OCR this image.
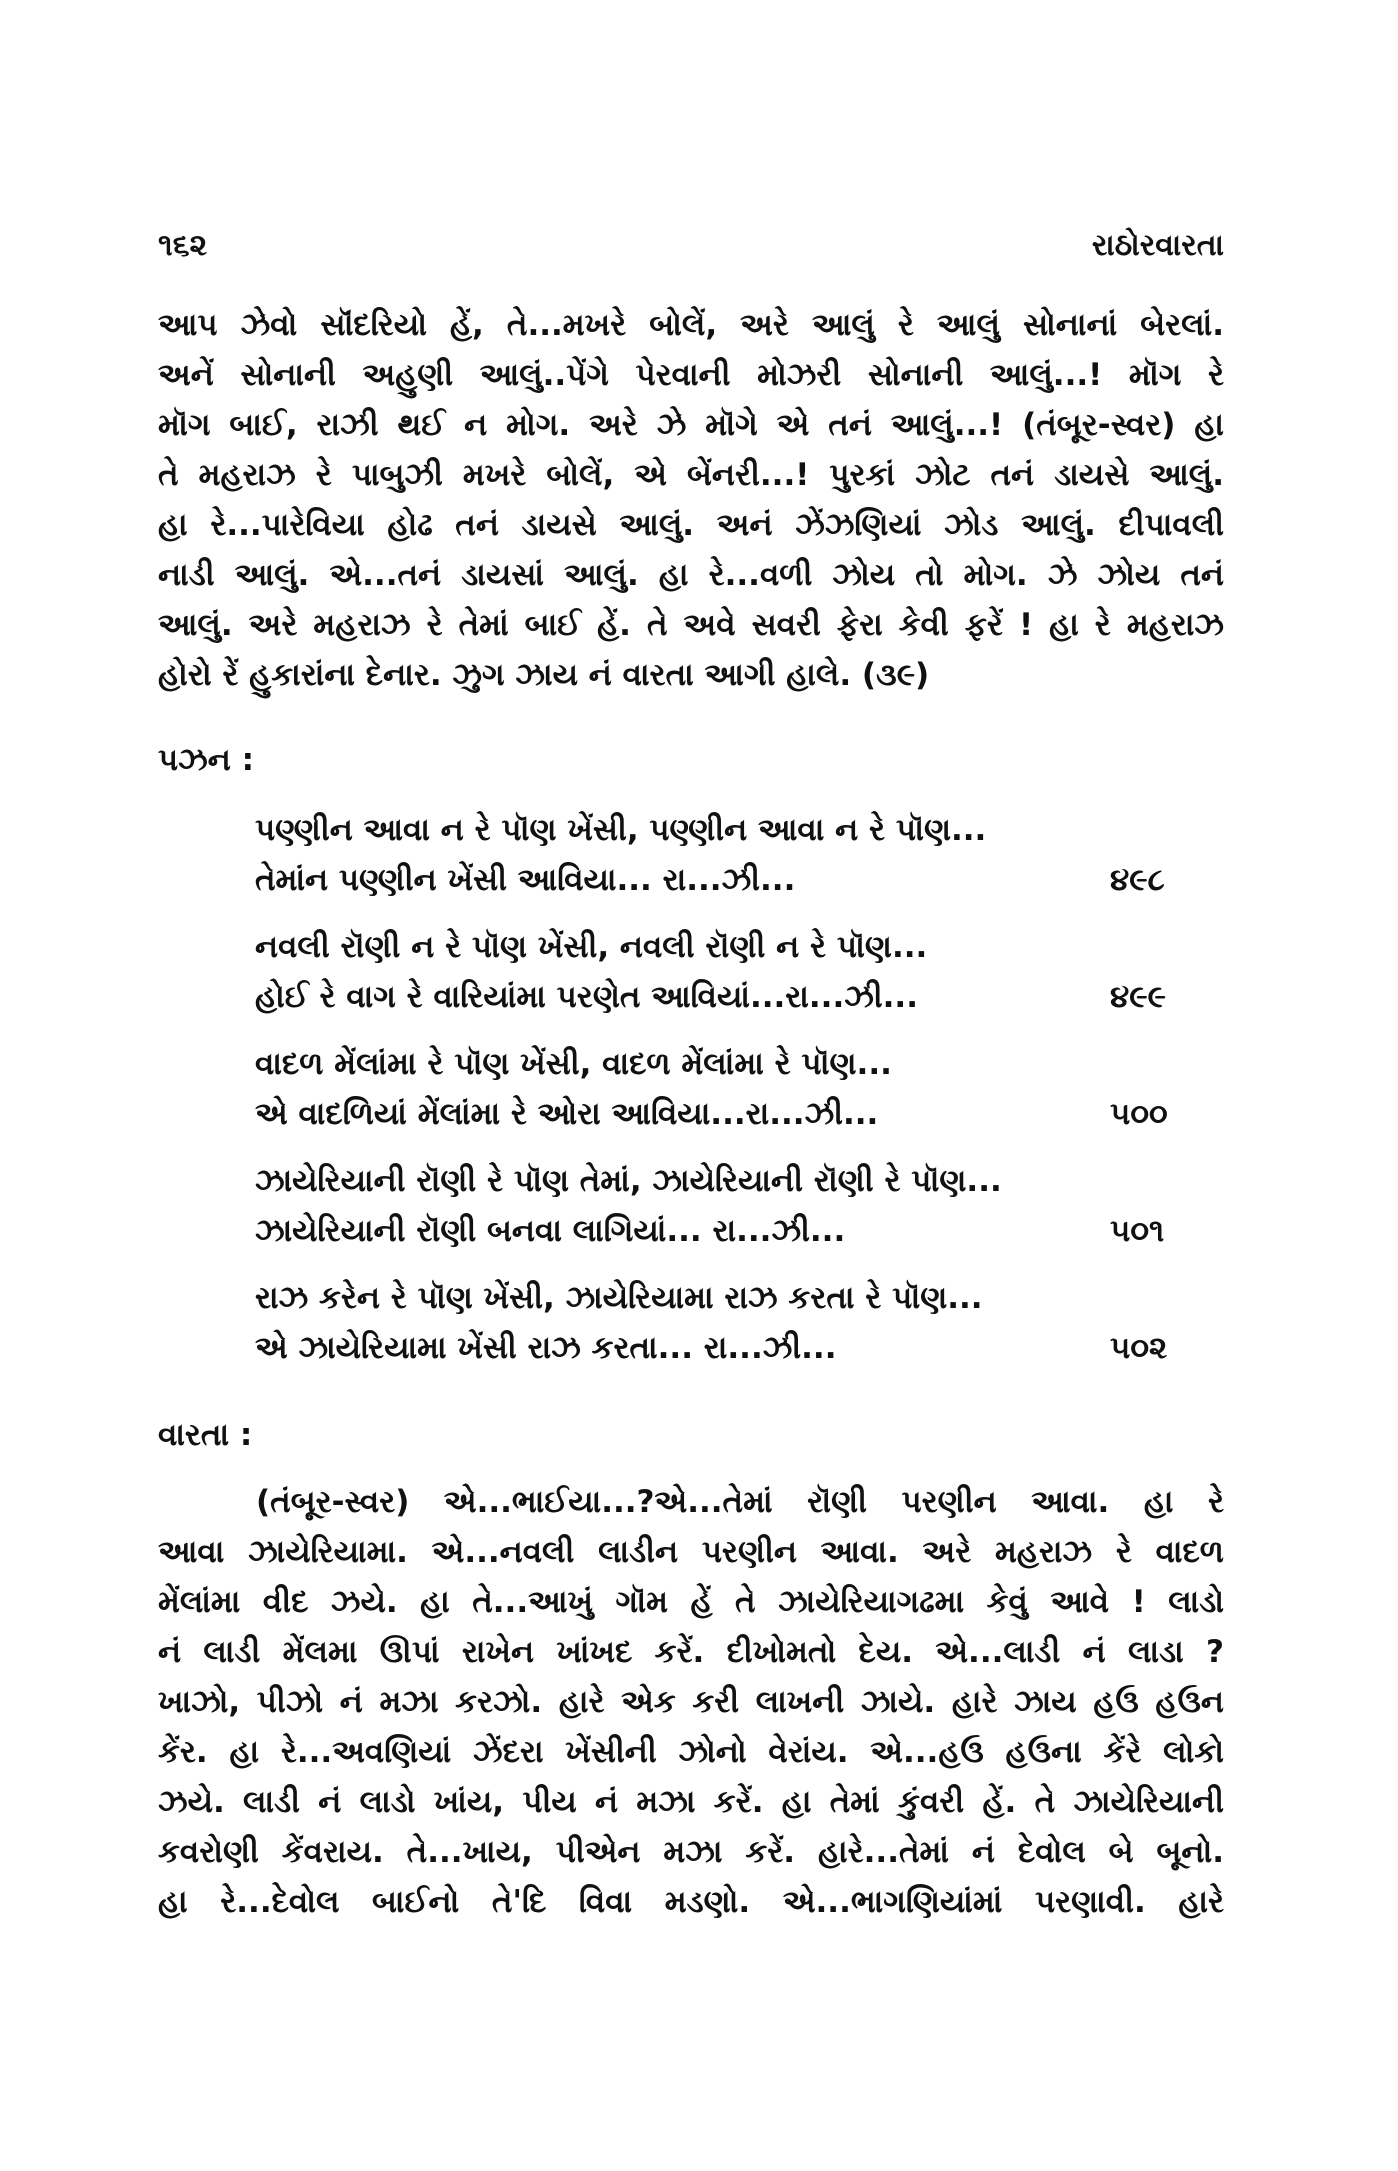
૧૬૨	રાઠોરવારતા
આપ ઝેવો સૉંદરિયો હેં, તે...મખરે બોલેં, અરે આલું રે આલું સોનાનાં બેરલાં.
અનેં સોનાની અહુણી આલું..પેંગે પેરવાની મોઝરી સોનાની આલું...! મૉગ રે
મૉગ બાઈ, રાઝી થઈ ન મોગ. અરે ઝે મૉગે એ તનં આલું...! (તંબૂર-સ્વર) હા
તે મહરાઝ રે પાબુઝી મખરે બોલેં, એ બેંનરી...! પુરકાં ઝોટ તનં ડાયસે આલું.
હા રે...પારેવિયા હોઢ તનં ડાયસે આલું. અનં ઝેંઝણિયાં ઝોડ આલું. દીપાવલી
નાડી આલું. એ...તનં ડાયસાં આલું. હા રે...વળી ઝોય તો મોગ. ઝે ઝોય તનં
આલું. અરે મહરાઝ રે તેમાં બાઈ હેં. તે અવે સવરી ફેરા કેવી ફરેં ! હા રે મહરાઝ
હોરો રેં હુકારાંના દેનાર. ઝુગ ઝાય નં વારતા આગી હાલે. (૩૯)
પઝન :
પણ્ણીન આવા ન રે પૉણ ખેંસી, પણ્ણીન આવા ન રે પૉણ...
તેમાંન પણ્ણીન ખેંસી આવિયા... રા...ઝી...	૪૯૮
નવલી રૉણી ન રે પૉણ ખેંસી, નવલી રૉણી ન રે પૉણ...
હોઈ રે વાગ રે વારિયાંમા પરણેત આવિયાં...રા...ઝી...	૪૯૯
વાદળ મેંલાંમા રે પૉણ ખેંસી, વાદળ મેંલાંમા રે પૉણ...
એ વાદળિયાં મેંલાંમા રે ઓરા આવિયા...રા...ઝી...	૫૦૦
ઝાયેરિયાની રૉણી રે પૉણ તેમાં, ઝાયેરિયાની રૉણી રે પૉણ...
ઝાયેરિયાની રૉણી બનવા લાગિયાં... રા...ઝી...	૫૦૧
રાઝ કરેન રે પૉણ ખેંસી, ઝાયેરિયામા રાઝ કરતા રે પૉણ...
એ ઝાયેરિયામા ખેંસી રાઝ કરતા... રા...ઝી...	૫૦૨
વારતા :
(તંબૂર-સ્વર) એ...ભાઈયા...?એ...તેમાં રૉણી પરણીન આવા. હા રે
આવા ઝાયેરિયામા. એ...નવલી લાડીન પરણીન આવા. અરે મહરાઝ રે વાદળ
મેંલાંમા વીદ ઝયે. હા તે...આખું ગૉમ હેં તે ઝાયેરિયાગઢમા કેવું આવે ! લાડો
નં લાડી મેંલમા ઊપાં રાખેન ખાંખદ કરેં. દીખોમતો દેય. એ...લાડી નં લાડા ?
ખાઝો, પીઝો નં મઝા કરઝો. હારે એક કરી લાખની ઝાયે. હારે ઝાય હઉ હઉન
કેંર. હા રે...અવણિયાં ઝેંદરા ખેંસીની ઝોનો વેરાંય. એ...હઉ હઉના કેંરે લોકો
ઝયે. લાડી નં લાડો ખાંય, પીય નં મઝા કરેં. હા તેમાં કુંવરી હેં. તે ઝાયેરિયાની
કવરોણી કેંવરાય. તે...ખાય, પીએન મઝા કરેં. હારે...તેમાં નં દેવોલ બે બૂનો.
હા રે...દેવોલ બાઈનો તે'દિ વિવા મડણો. એ...ભાગણિયાંમાં પરણાવી. હારે
